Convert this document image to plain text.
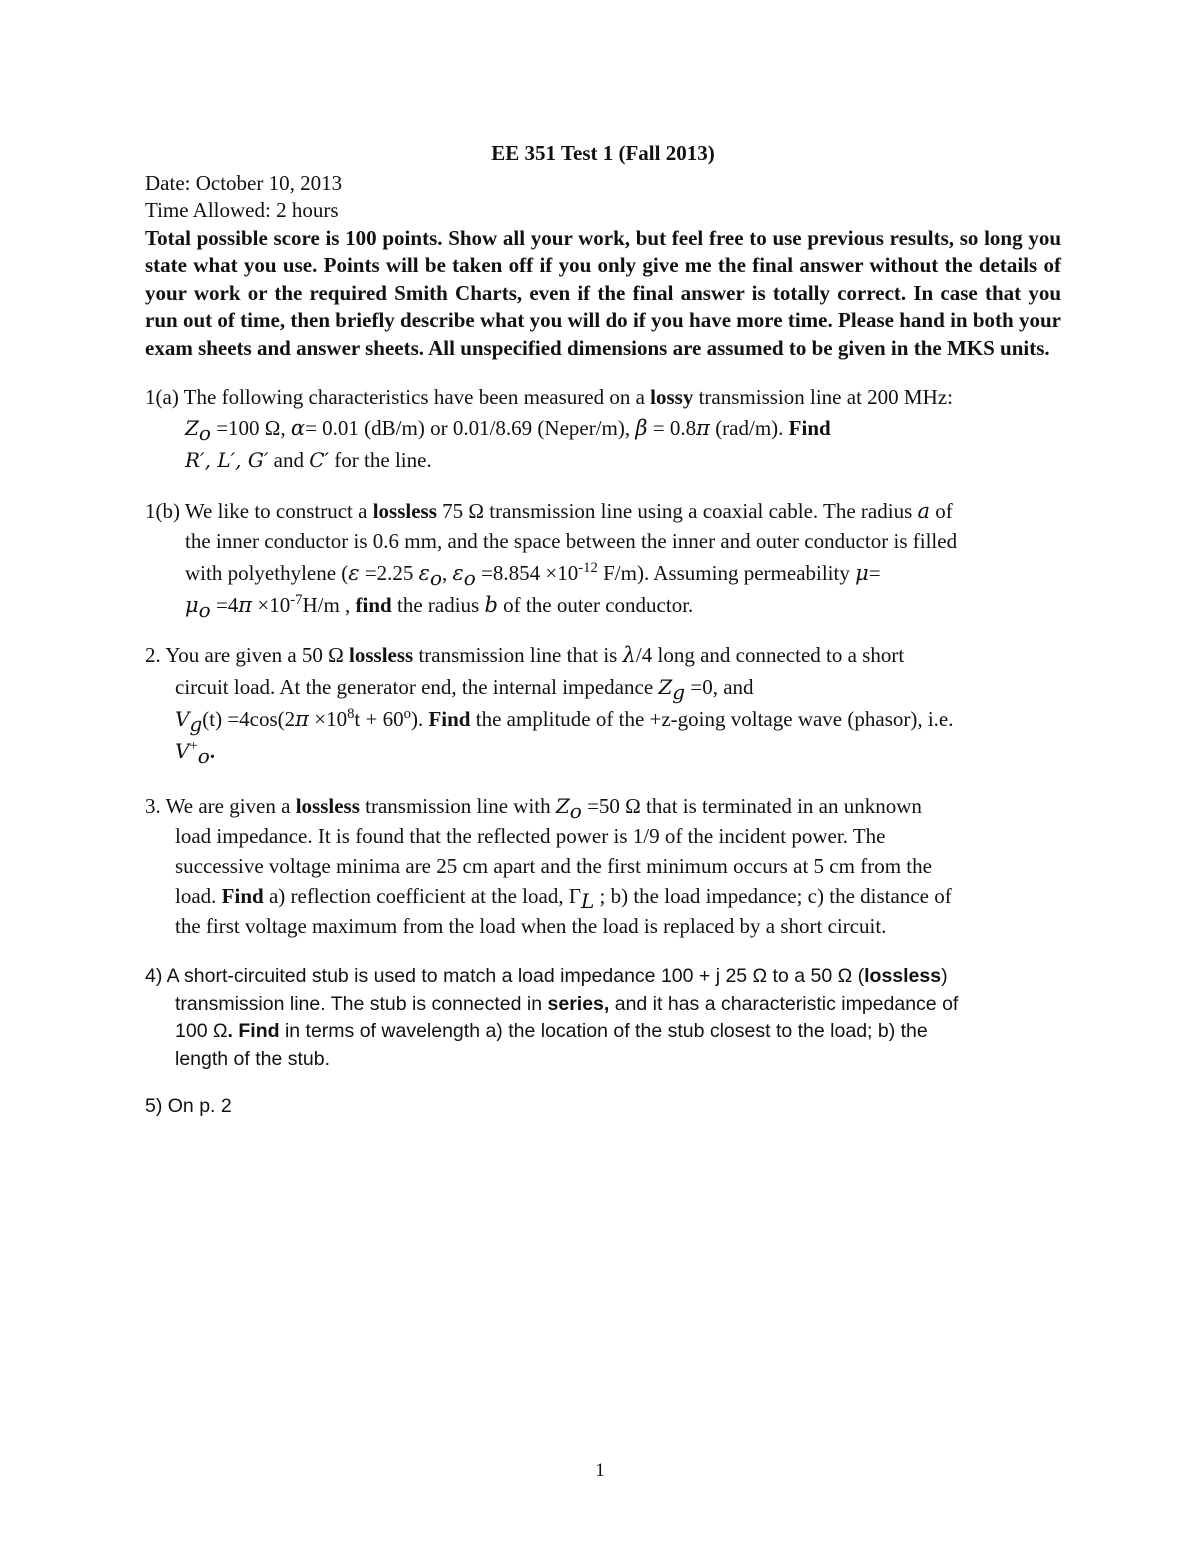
EE 351 Test 1 (Fall 2013)

Date: October 10, 2013

Time Allowed: 2 hours

Total possible score is 100 points. Show all your work, but feel free to use previous results, so long you state what you use. Points will be taken off if you only give me the final answer without the details of your work or the required Smith Charts, even if the final answer is totally correct. In case that you run out of time, then briefly describe what you will do if you have more time. Please hand in both your exam sheets and answer sheets. All unspecified dimensions are assumed to be given in the MKS units.

1(a) The following characteristics have been measured on a lossy transmission line at 200 MHz:
$Z_o =100$ Ω, α= 0.01 (dB/m) or 0.01/8.69 (Neper/m), β = 0.8π (rad/m). Find
R′, L′, G′ and C′ for the line.
1(b) We like to construct a lossless 75 Ω transmission line using a coaxial cable. The radius a of
the inner conductor is 0.6 mm, and the space between the inner and outer conductor is filled
with polyethylene (ε =2.25 $\varepsilon_o$, $\varepsilon_o =8.854 \times 10^{-12}$ F/m). Assuming permeability μ=
$\mu_o =4\pi \times 10^{-7}H/m$ , find the radius b of the outer conductor.
2. You are given a 50 Ω lossless transmission line that is λ/4 long and connected to a short
circuit load. At the generator end, the internal impedance $Z_g =0$, and
$V_g(t) =4\cos(2\pi \times 10^8t + 60^o)$. Find the amplitude of the +z-going voltage wave (phasor), i.e.
$V^+_o$.
3. We are given a lossless transmission line with $Z_o =50$ Ω that is terminated in an unknown
load impedance. It is found that the reflected power is 1/9 of the incident power. The
successive voltage minima are 25 cm apart and the first minimum occurs at 5 cm from the
load. Find a) reflection coefficient at the load, $\Gamma_L$ ; b) the load impedance; c) the distance of
the first voltage maximum from the load when the load is replaced by a short circuit.
4) A short-circuited stub is used to match a load impedance 100 + j 25 Ω to a 50 Ω (lossless)
transmission line. The stub is connected in series, and it has a characteristic impedance of
100 Ω. Find in terms of wavelength a) the location of the stub closest to the load; b) the
length of the stub.
5) On p. 2
1
